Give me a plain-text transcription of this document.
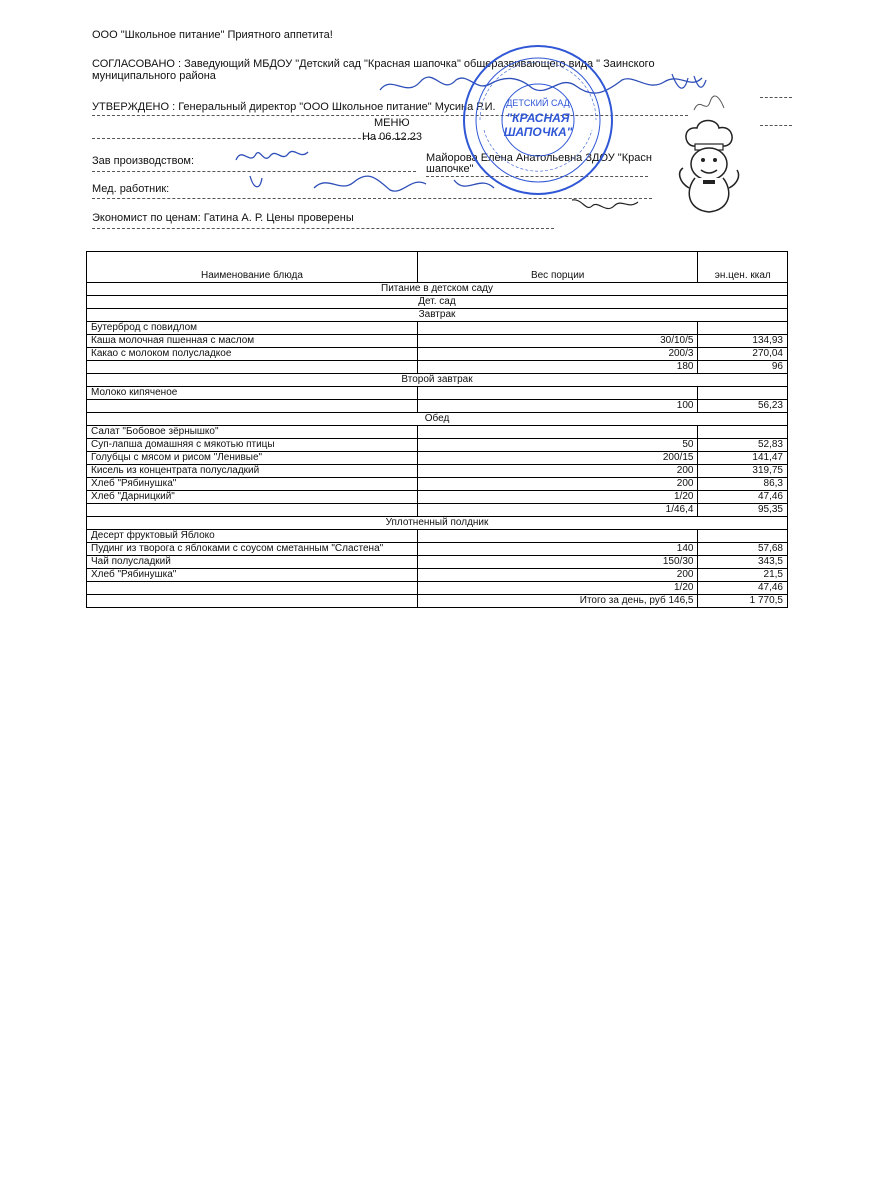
ООО "Школьное питание" Приятного аппетита!
СОГЛАСОВАНО : Заведующий МБДОУ "Детский сад "Красная шапочка" общеразвивающего вида " Заинского
муниципального района
УТВЕРЖДЕНО : Генеральный директор "ООО Школьное питание" Мусина Р.И.
МЕНЮ
На 06.12.23
Зав производством:	Майорова Елена Анатольевна ЗДОУ "Красн
шапочке"
Мед. работник:
Экономист по ценам: Гатина А. Р. Цены проверены
ДЕТСКИЙ САД
"КРАСНАЯ
ШАПОЧКА"
Наименование блюда	Вес порции	эн.цен. ккал
Питание в детском саду		
Дет. сад		
Завтрак		
Бутерброд с повидлом		
Каша молочная пшенная с маслом	30/10/5	134,93
Какао с молоком полусладкое	200/3	270,04
	180	96
Второй завтрак		
Молоко кипяченое		
	100	56,23
Обед		
Салат "Бобовое зёрнышко"		
Суп-лапша домашняя с мякотью птицы	50	52,83
Голубцы с мясом и рисом "Ленивые"	200/15	141,47
Кисель из концентрата полусладкий	200	319,75
Хлеб "Рябинушка"	200	86,3
Хлеб "Дарницкий"	1/20	47,46
	1/46,4	95,35
Уплотненный полдник		
Десерт фруктовый Яблоко		
Пудинг из творога с яблоками с соусом сметанным "Сластена"	140	57,68
Чай полусладкий	150/30	343,5
Хлеб "Рябинушка"	200	21,5
	1/20	47,46
	Итого за день, руб 146,5	1 770,5
